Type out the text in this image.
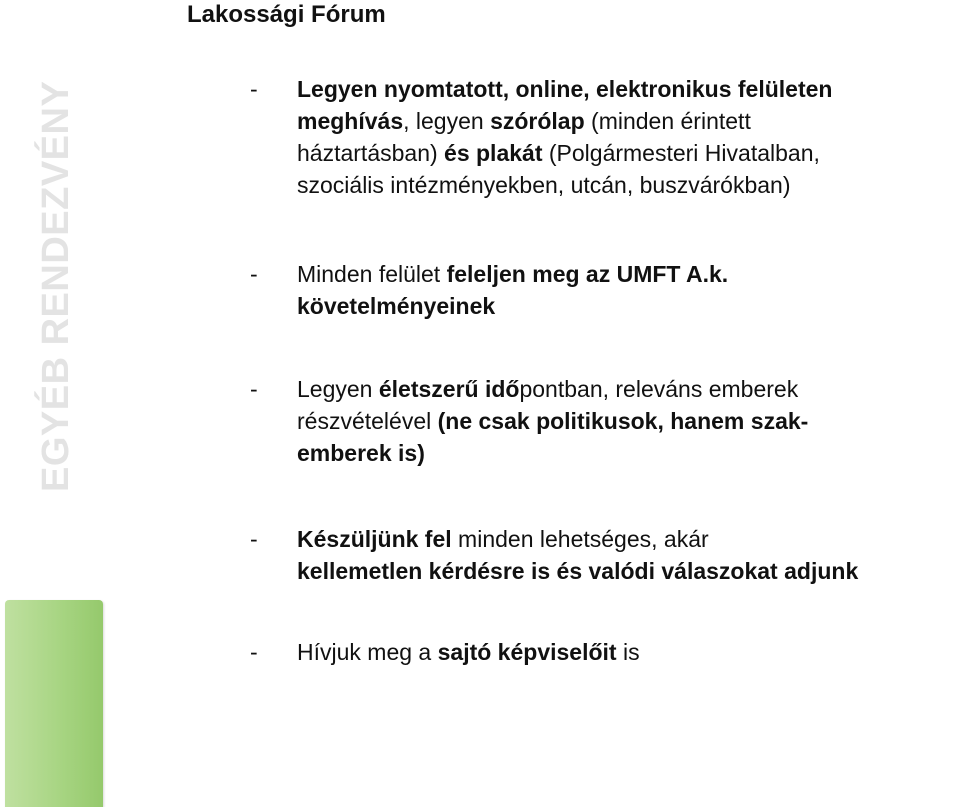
Lakossági Fórum
EGYÉB RENDEZVÉNY	- Legyen nyomtatott, online, elektronikus felületen
meghívás, legyen szórólap (minden érintett
háztartásban) és plakát (Polgármesteri Hivatalban,
szociális intézményekben, utcán, buszvárókban)
- Minden felület feleljen meg az UMFT A.k.
követelményeinek
- Legyen életszerű időpontban, releváns emberek
részvételével (ne csak politikusok, hanem szak-
emberek is)
- Készüljünk fel minden lehetséges, akár
kellemetlen kérdésre is és valódi válaszokat adjunk
- Hívjuk meg a sajtó képviselőit is
